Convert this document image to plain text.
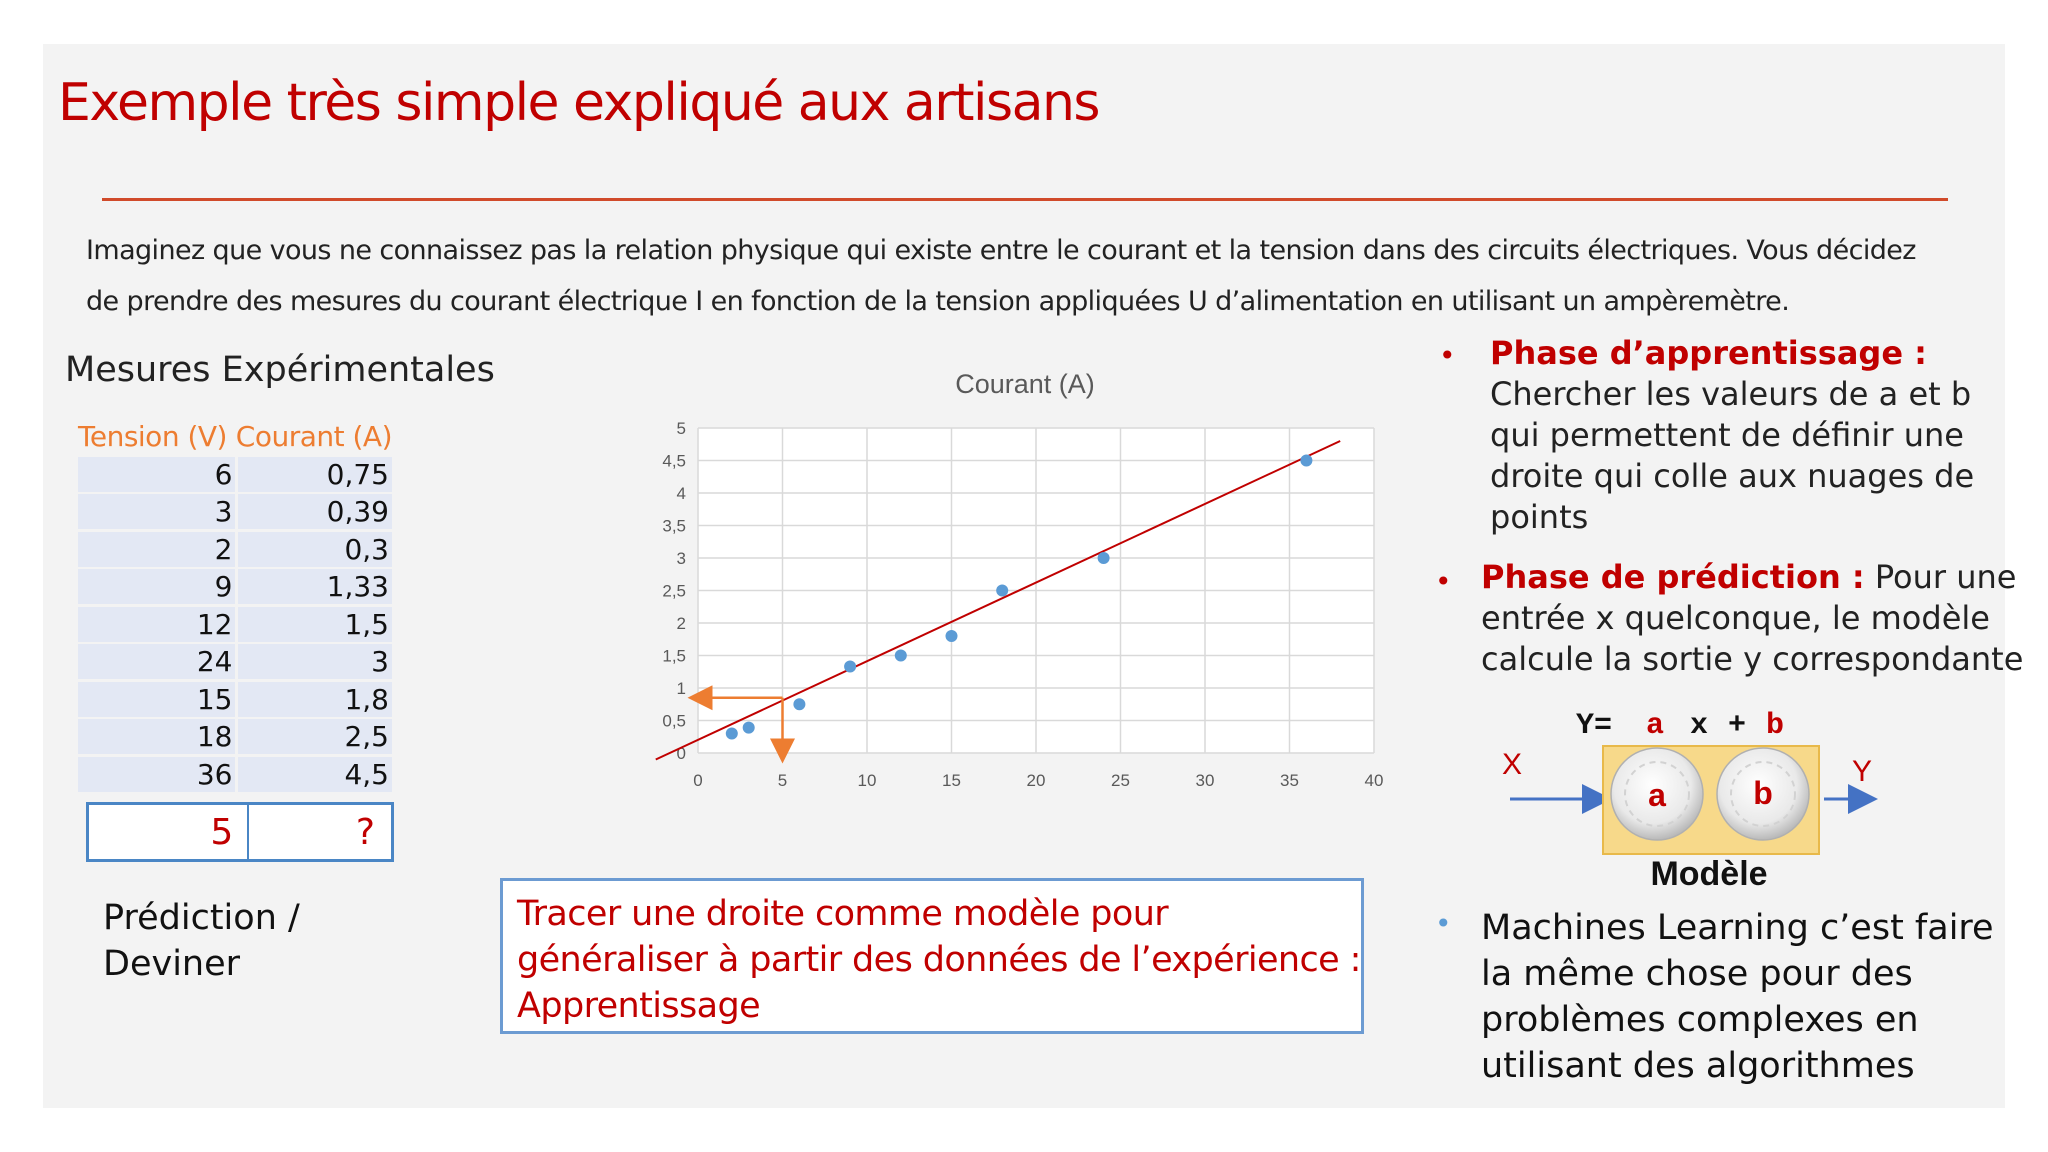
Exemple très simple expliqué aux artisans
Imaginez que vous ne connaissez pas la relation physique qui existe entre le courant et la tension dans des circuits électriques. Vous décidez
de prendre des mesures du courant électrique I en fonction de la tension appliquées U d’alimentation en utilisant un ampèremètre.
Mesures Expérimentales
Tension (V) Courant (A)
6	0,75
3	0,39
2	0,3
9	1,33
12	1,5
24	3
15	1,8
18	2,5
36	4,5
5	?
Prédiction /
Deviner
Courant (A)
0	5	10	15	20	25	30	35	40
0
0,5
1
1,5
2
2,5
3
3,5
4
4,5
5
Tracer une droite comme modèle pour
généraliser à partir des données de l’expérience :
Apprentissage
• Phase d’apprentissage :
Chercher les valeurs de a et b
qui permettent de définir une
droite qui colle aux nuages de
points
• Phase de prédiction : Pour une
entrée x quelconque, le modèle
calcule la sortie y correspondante
• Machines Learning c’est faire
la même chose pour des
problèmes complexes en
utilisant des algorithmes
Y= a x + b
X
a	b
Y
Modèle
